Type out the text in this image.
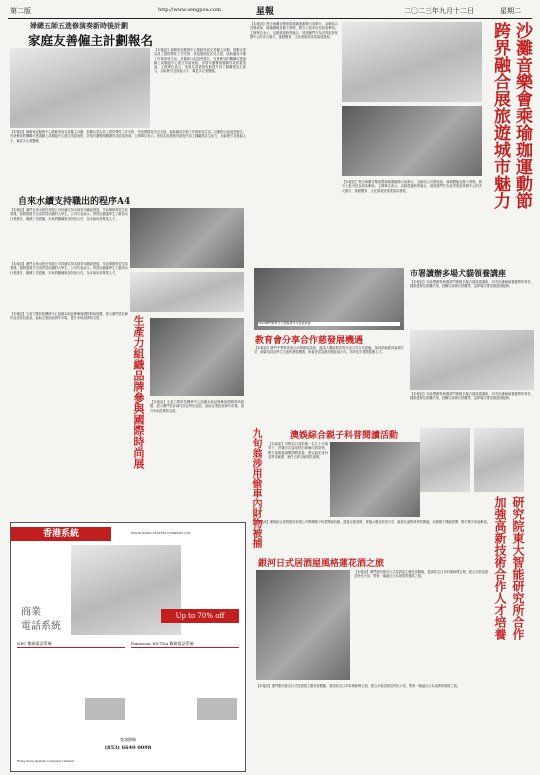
第二版	http://www.sengpou.com	星報	二〇二三年九月十二日	星期二
婦總五師五進修演奏新時後計劃
家庭友善僱主計劃報名
【本報訊】婦聯家庭服務中心推動家庭友善僱主計劃，鼓勵企業為員工提供彈性工作安排、家庭假期及托兒支援，協助僱員平衡工作與家庭生活。計劃即日起接受報名，有意參加的機構可透過網上或親臨中心遞交申請表格，詳情可瀏覽相關網頁或致電查詢。主辦單位表示，家庭友善措施有助提升員工歸屬感及生產力，亦能吸引及挽留人才，冀更多企業響應。
【本報訊】婦聯家庭服務中心推動家庭友善僱主計劃，鼓勵企業為員工提供彈性工作安排、家庭假期及托兒支援，協助僱員平衡工作與家庭生活。計劃即日起接受報名，有意參加的機構可透過網上或親臨中心遞交申請表格，詳情可瀏覽相關網頁或致電查詢。主辦單位表示，家庭友善措施有助提升員工歸屬感及生產力，亦能吸引及挽留人才，冀更多企業響應。
自來水續支持職出的程序A4
【本報訊】澳門自來水股份有限公司持續支持本地青年職涯發展，早前舉辦實習生結業禮，頒發證書予完成實習計劃的大學生。公司代表表示，實習計劃讓學生了解供水行業運作，累積工作經驗，未來將繼續與各院校合作，為本地培育專業人才。
【本報訊】澳門自來水股份有限公司持續支持本地青年職涯發展，早前舉辦實習生結業禮，頒發證書予完成實習計劃的大學生。公司代表表示，實習計劃讓學生了解供水行業運作，累積工作經驗，未來將繼續與各院校合作，為本地培育專業人才。
生產力組織品牌參與國際時尚展
【本報訊】生產力暨科技轉移中心組織本地品牌參與國際時尚展覽，展示澳門設計師作品及特色產品，協助企業拓展海外市場，提升本地品牌知名度。
【本報訊】生產力暨科技轉移中心組織本地品牌參與國際時尚展覽，展示澳門設計師作品及特色產品，協助企業拓展海外市場，提升本地品牌知名度。
沙灘音樂會乘瑜珈運動節
跨界融合展旅遊城市魅力
【本報訊】黑沙海灘音樂會暨瑜珈運動節日前舉行，活動結合音樂表演、瑜珈體驗及親子遊戲，吸引大批市民及旅客參與。主辦單位表示，活動透過跨界融合，展現澳門作為世界旅遊休閒中心的多元魅力，推動體育、文化與旅遊產業協同發展。
【本報訊】黑沙海灘音樂會暨瑜珈運動節日前舉行，活動結合音樂表演、瑜珈體驗及親子遊戲，吸引大批市民及旅客參與。主辦單位表示，活動透過跨界融合，展現澳門作為世界旅遊休閒中心的多元魅力，推動體育、文化與旅遊產業協同發展。
2023澳門教育日大灣區青年交流座談會
教育會分享合作慈發展機遇
【本報訊】澳門中華教育會日前舉辦座談會，邀請大灣區教育界代表分享合作經驗，探討兩地教育資源共享、師資培訓及學生交流的發展機遇，與會者認為應加強區域合作，培育更多愛國愛澳人才。
市署讀辦多場犬貓領養講座
【本報訊】市政署動物保護部門舉辦多場犬貓領養講座，向市民講解飼養寵物的責任、健康護理及相關法規，鼓勵以領養代替購買，並即場安排領養諮詢服務。
【本報訊】市政署動物保護部門舉辦多場犬貓領養講座，向市民講解飼養寵物的責任、健康護理及相關法規，鼓勵以領養代替購買，並即場安排領養諮詢服務。
澳娛綜合親子科普閱讀活動
【本報訊】澳娛綜合度假股份有限公司舉辦親子科普閱讀活動，透過互動遊戲、實驗示範及故事分享，啟發兒童對科學的興趣，培養親子閱讀習慣，吸引眾多家庭參加。
九旬翁涉用偷車內財物被捕	【本報訊】司警局日前拘捕一名九十多歲男子，涉嫌多次盜取停泊車輛內的財物。警方接報後調閱閉路電視，鎖定疑犯身份並將其截獲，案件已移交檢察院處理。
研究院東大智能研究所合作
加強高新技術合作人才培養
銀河日式居酒屋風格蓮花酒之旅
【本報訊】澳門銀河推出日式居酒屋主題美食體驗，邀請知名日本料理師傅主理，配合多款清酒及特色小食，帶來一場融合日本風情的餐飲之旅。
【本報訊】澳門銀河推出日式居酒屋主題美食體驗，邀請知名日本料理師傅主理，配合多款清酒及特色小食，帶來一場融合日本風情的餐飲之旅。
香港系統	HONG KONG SYSTEM COMPANY LTD
商業
電話系統
Up to 70% off
NEC 數碼電話系統	Panasonic KX-TDA 數碼電話系統
查詢熱線
(853) 6640 0098
Hong Kong System Company Limited
